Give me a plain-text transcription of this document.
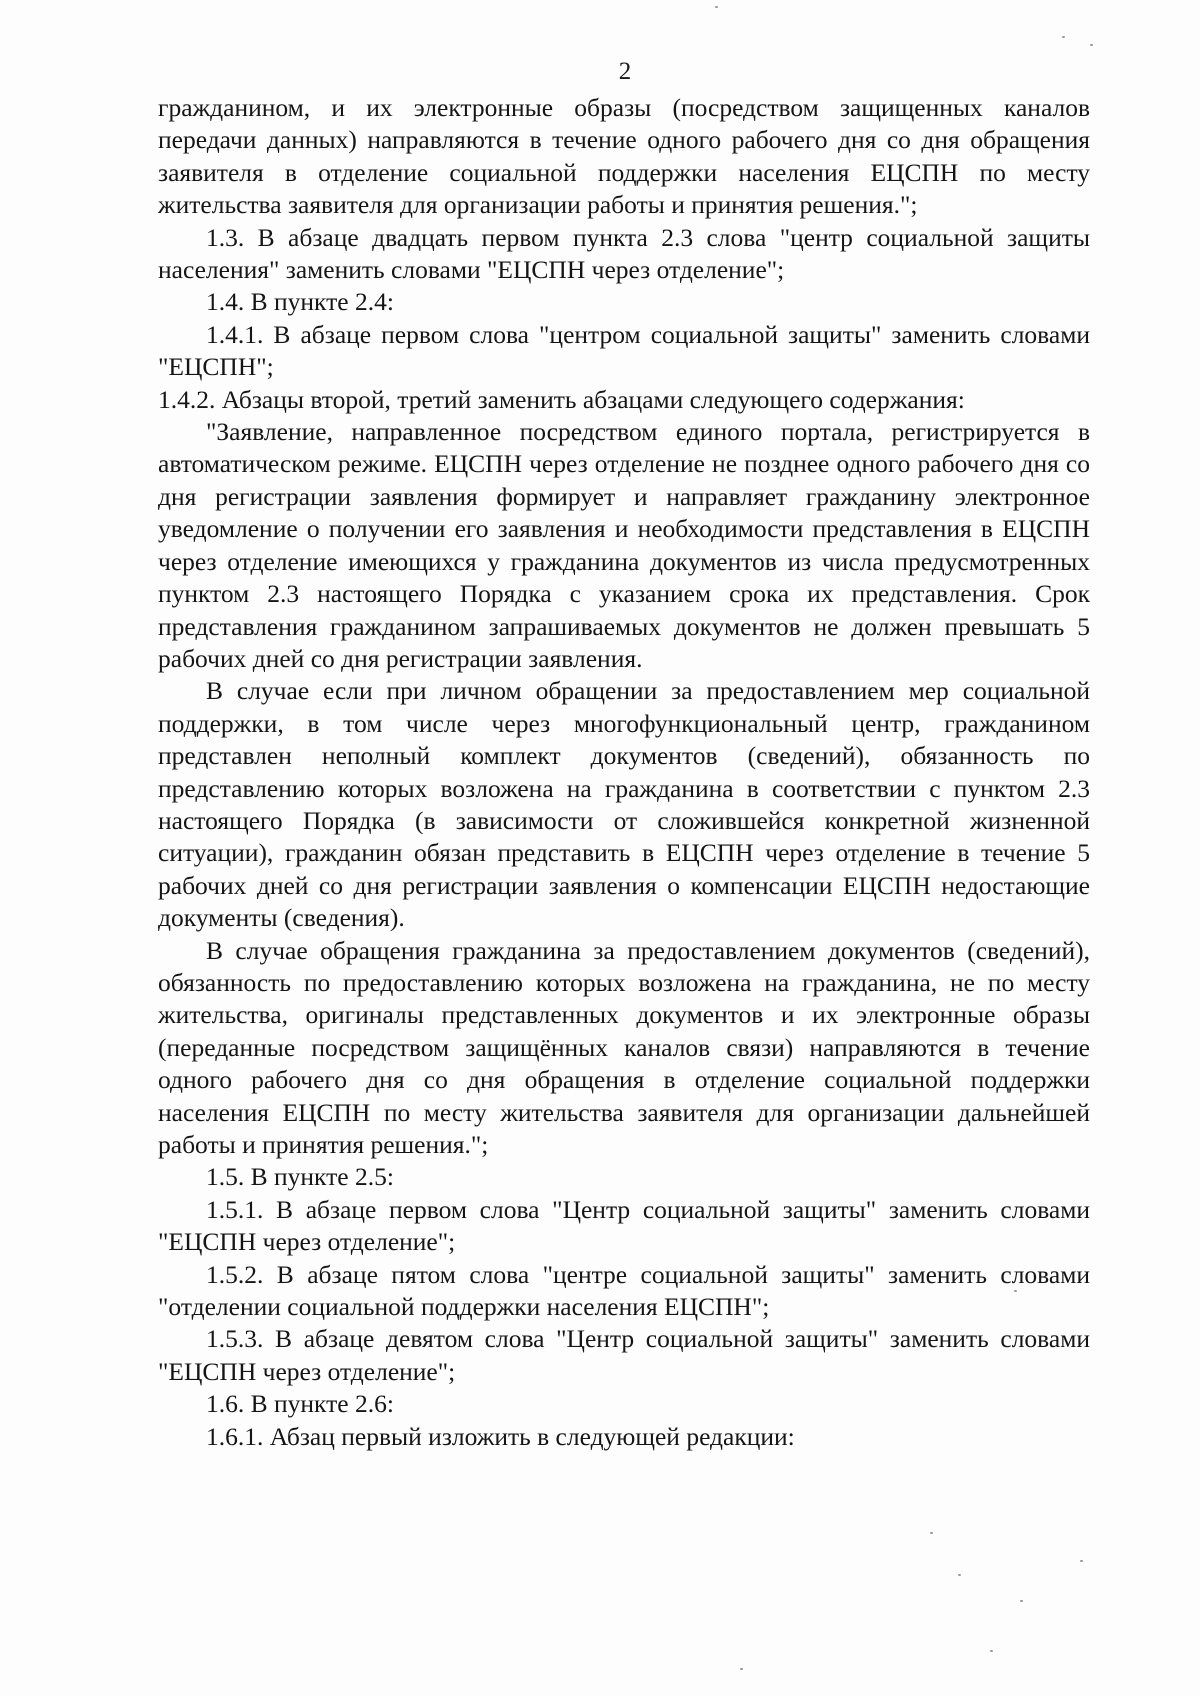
2

гражданином, и их электронные образы (посредством защищенных каналов передачи данных) направляются в течение одного рабочего дня со дня обращения заявителя в отделение социальной поддержки населения ЕЦСПН по месту жительства заявителя для организации работы и принятия решения.";

1.3. В абзаце двадцать первом пункта 2.3 слова "центр социальной защиты населения" заменить словами "ЕЦСПН через отделение";

1.4. В пункте 2.4:

1.4.1. В абзаце первом слова "центром социальной защиты" заменить словами "ЕЦСПН";

1.4.2. Абзацы второй, третий заменить абзацами следующего содержания:

"Заявление, направленное посредством единого портала, регистрируется в автоматическом режиме. ЕЦСПН через отделение не позднее одного рабочего дня со дня регистрации заявления формирует и направляет гражданину электронное уведомление о получении его заявления и необходимости представления в ЕЦСПН через отделение имеющихся у гражданина документов из числа предусмотренных пунктом 2.3 настоящего Порядка с указанием срока их представления. Срок представления гражданином запрашиваемых документов не должен превышать 5 рабочих дней со дня регистрации заявления.

В случае если при личном обращении за предоставлением мер социальной поддержки, в том числе через многофункциональный центр, гражданином представлен неполный комплект документов (сведений), обязанность по представлению которых возложена на гражданина в соответствии с пунктом 2.3 настоящего Порядка (в зависимости от сложившейся конкретной жизненной ситуации), гражданин обязан представить в ЕЦСПН через отделение в течение 5 рабочих дней со дня регистрации заявления о компенсации ЕЦСПН недостающие документы (сведения).

В случае обращения гражданина за предоставлением документов (сведений), обязанность по предоставлению которых возложена на гражданина, не по месту жительства, оригиналы представленных документов и их электронные образы (переданные посредством защищённых каналов связи) направляются в течение одного рабочего дня со дня обращения в отделение социальной поддержки населения ЕЦСПН по месту жительства заявителя для организации дальнейшей работы и принятия решения.";

1.5. В пункте 2.5:

1.5.1. В абзаце первом слова "Центр социальной защиты" заменить словами "ЕЦСПН через отделение";

1.5.2. В абзаце пятом слова "центре социальной защиты" заменить словами "отделении социальной поддержки населения ЕЦСПН";

1.5.3. В абзаце девятом слова "Центр социальной защиты" заменить словами "ЕЦСПН через отделение";

1.6. В пункте 2.6:

1.6.1. Абзац первый изложить в следующей редакции:
